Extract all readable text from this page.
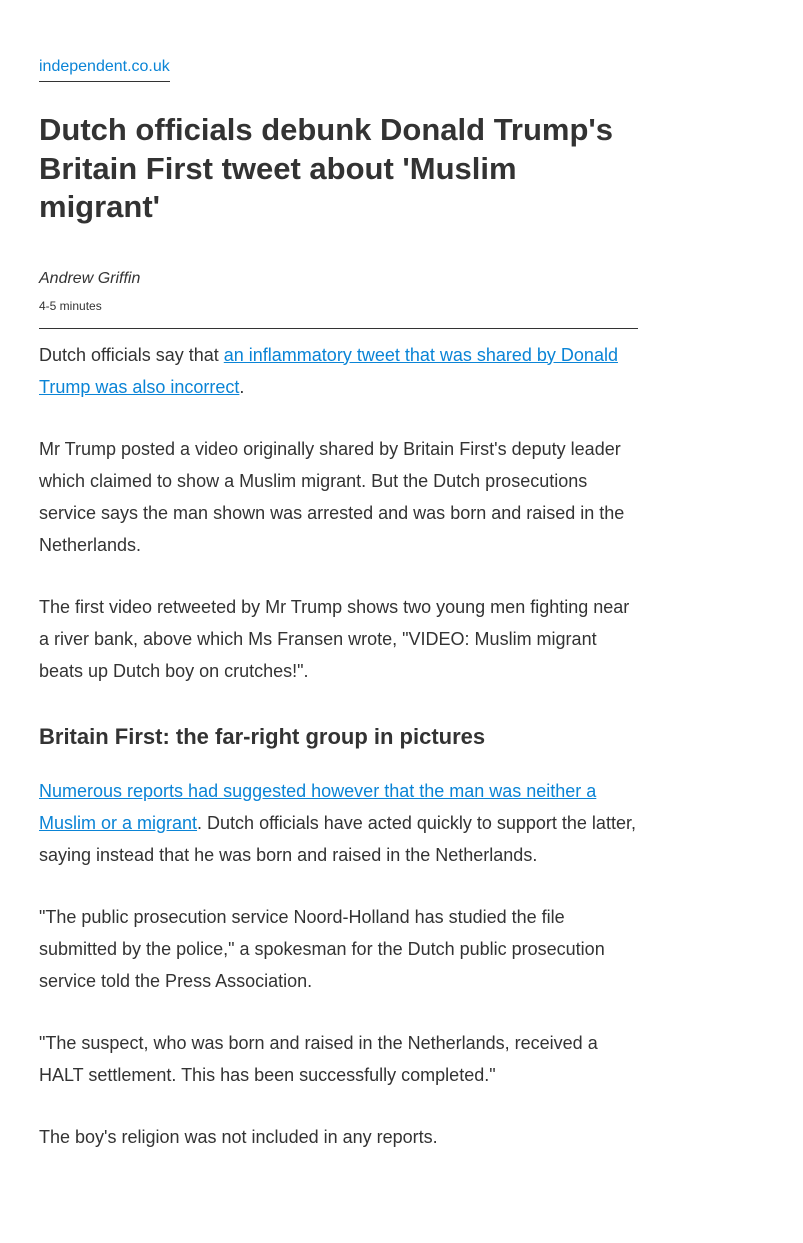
independent.co.uk
Dutch officials debunk Donald Trump's Britain First tweet about 'Muslim migrant'

Andrew Griffin

4-5 minutes

Dutch officials say that an inflammatory tweet that was shared by Donald Trump was also incorrect.

Mr Trump posted a video originally shared by Britain First's deputy leader which claimed to show a Muslim migrant. But the Dutch prosecutions service says the man shown was arrested and was born and raised in the Netherlands.

The first video retweeted by Mr Trump shows two young men fighting near a river bank, above which Ms Fransen wrote, "VIDEO: Muslim migrant beats up Dutch boy on crutches!".

Britain First: the far-right group in pictures

Numerous reports had suggested however that the man was neither a Muslim or a migrant. Dutch officials have acted quickly to support the latter, saying instead that he was born and raised in the Netherlands.

"The public prosecution service Noord-Holland has studied the file submitted by the police," a spokesman for the Dutch public prosecution service told the Press Association.

"The suspect, who was born and raised in the Netherlands, received a HALT settlement. This has been successfully completed."

The boy's religion was not included in any reports.
